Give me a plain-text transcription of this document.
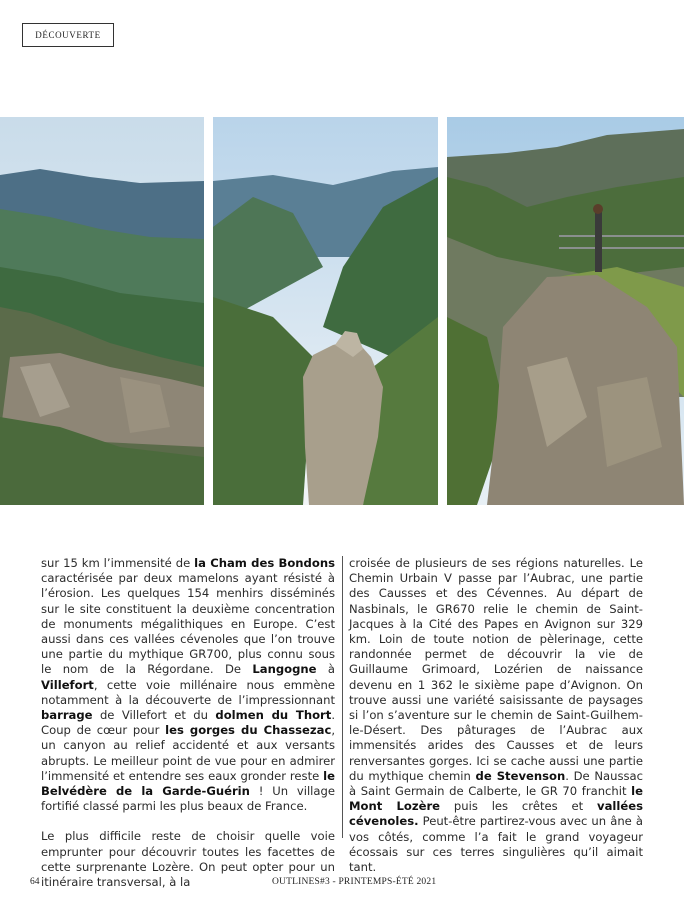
DÉCOUVERTE

sur 15 km l’immensité de la Cham des Bondons caractérisée par deux mamelons ayant résisté à l’érosion. Les quelques 154 menhirs disséminés sur le site constituent la deuxième concentration de monuments mégalithiques en Europe. C’est aussi dans ces vallées cévenoles que l’on trouve une partie du mythique GR700, plus connu sous le nom de la Régordane. De Langogne à Villefort, cette voie millénaire nous emmène notamment à la découverte de l’impressionnant barrage de Villefort et du dolmen du Thort. Coup de cœur pour les gorges du Chassezac, un canyon au relief accidenté et aux versants abrupts. Le meilleur point de vue pour en admirer l’immensité et entendre ses eaux gronder reste le Belvédère de la Garde-Guérin ! Un village fortifié classé parmi les plus beaux de France.

Le plus difficile reste de choisir quelle voie emprunter pour découvrir toutes les facettes de cette surprenante Lozère. On peut opter pour un itinéraire transversal, à la

croisée de plusieurs de ses régions naturelles. Le Chemin Urbain V passe par l’Aubrac, une partie des Causses et des Cévennes. Au départ de Nasbinals, le GR670 relie le chemin de Saint-Jacques à la Cité des Papes en Avignon sur 329 km. Loin de toute notion de pèlerinage, cette randonnée permet de découvrir la vie de Guillaume Grimoard, Lozérien de naissance devenu en 1 362 le sixième pape d’Avignon. On trouve aussi une variété saisissante de paysages si l’on s’aventure sur le chemin de Saint-Guilhem-le-Désert. Des pâturages de l’Aubrac aux immensités arides des Causses et de leurs renversantes gorges. Ici se cache aussi une partie du mythique chemin de Stevenson. De Naussac à Saint Germain de Calberte, le GR 70 franchit le Mont Lozère puis les crêtes et vallées cévenoles. Peut-être partirez-vous avec un âne à vos côtés, comme l’a fait le grand voyageur écossais sur ces terres singulières qu’il aimait tant.

64	OUTLINES#3 - PRINTEMPS-ÉTÉ 2021
